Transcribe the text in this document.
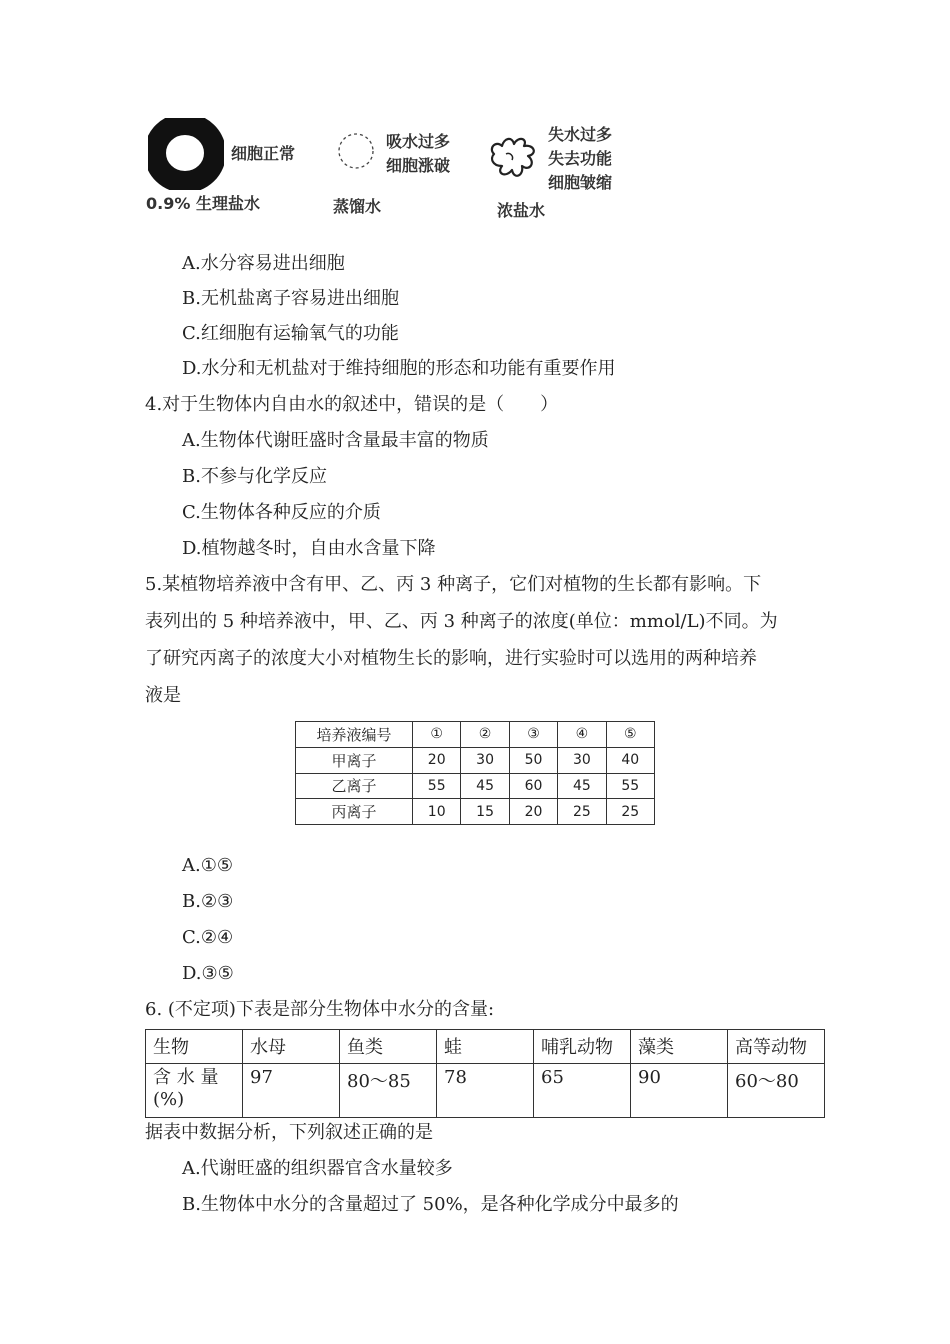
细胞正常
0.9% 生理盐水
吸水过多
细胞涨破
蒸馏水
失水过多
失去功能
细胞皱缩
浓盐水
A.水分容易进出细胞
B.无机盐离子容易进出细胞
C.红细胞有运输氧气的功能
D.水分和无机盐对于维持细胞的形态和功能有重要作用
4.对于生物体内自由水的叙述中，错误的是（　　）
A.生物体代谢旺盛时含量最丰富的物质
B.不参与化学反应
C.生物体各种反应的介质
D.植物越冬时，自由水含量下降
5.某植物培养液中含有甲、乙、丙 3 种离子，它们对植物的生长都有影响。下
表列出的 5 种培养液中，甲、乙、丙 3 种离子的浓度(单位：mmol/L)不同。为
了研究丙离子的浓度大小对植物生长的影响，进行实验时可以选用的两种培养
液是
培养液编号	①	②	③	④	⑤
甲离子	20	30	50	30	40
乙离子	55	45	60	45	55
丙离子	10	15	20	25	25
A.①⑤
B.②③
C.②④
D.③⑤
6. (不定项)下表是部分生物体中水分的含量:
生物	水母	鱼类	蛙	哺乳动物	藻类	高等动物

含 水 量
(%)	97	80～85	78	65	90	60～80
据表中数据分析，下列叙述正确的是
A.代谢旺盛的组织器官含水量较多
B.生物体中水分的含量超过了 50%，是各种化学成分中最多的
